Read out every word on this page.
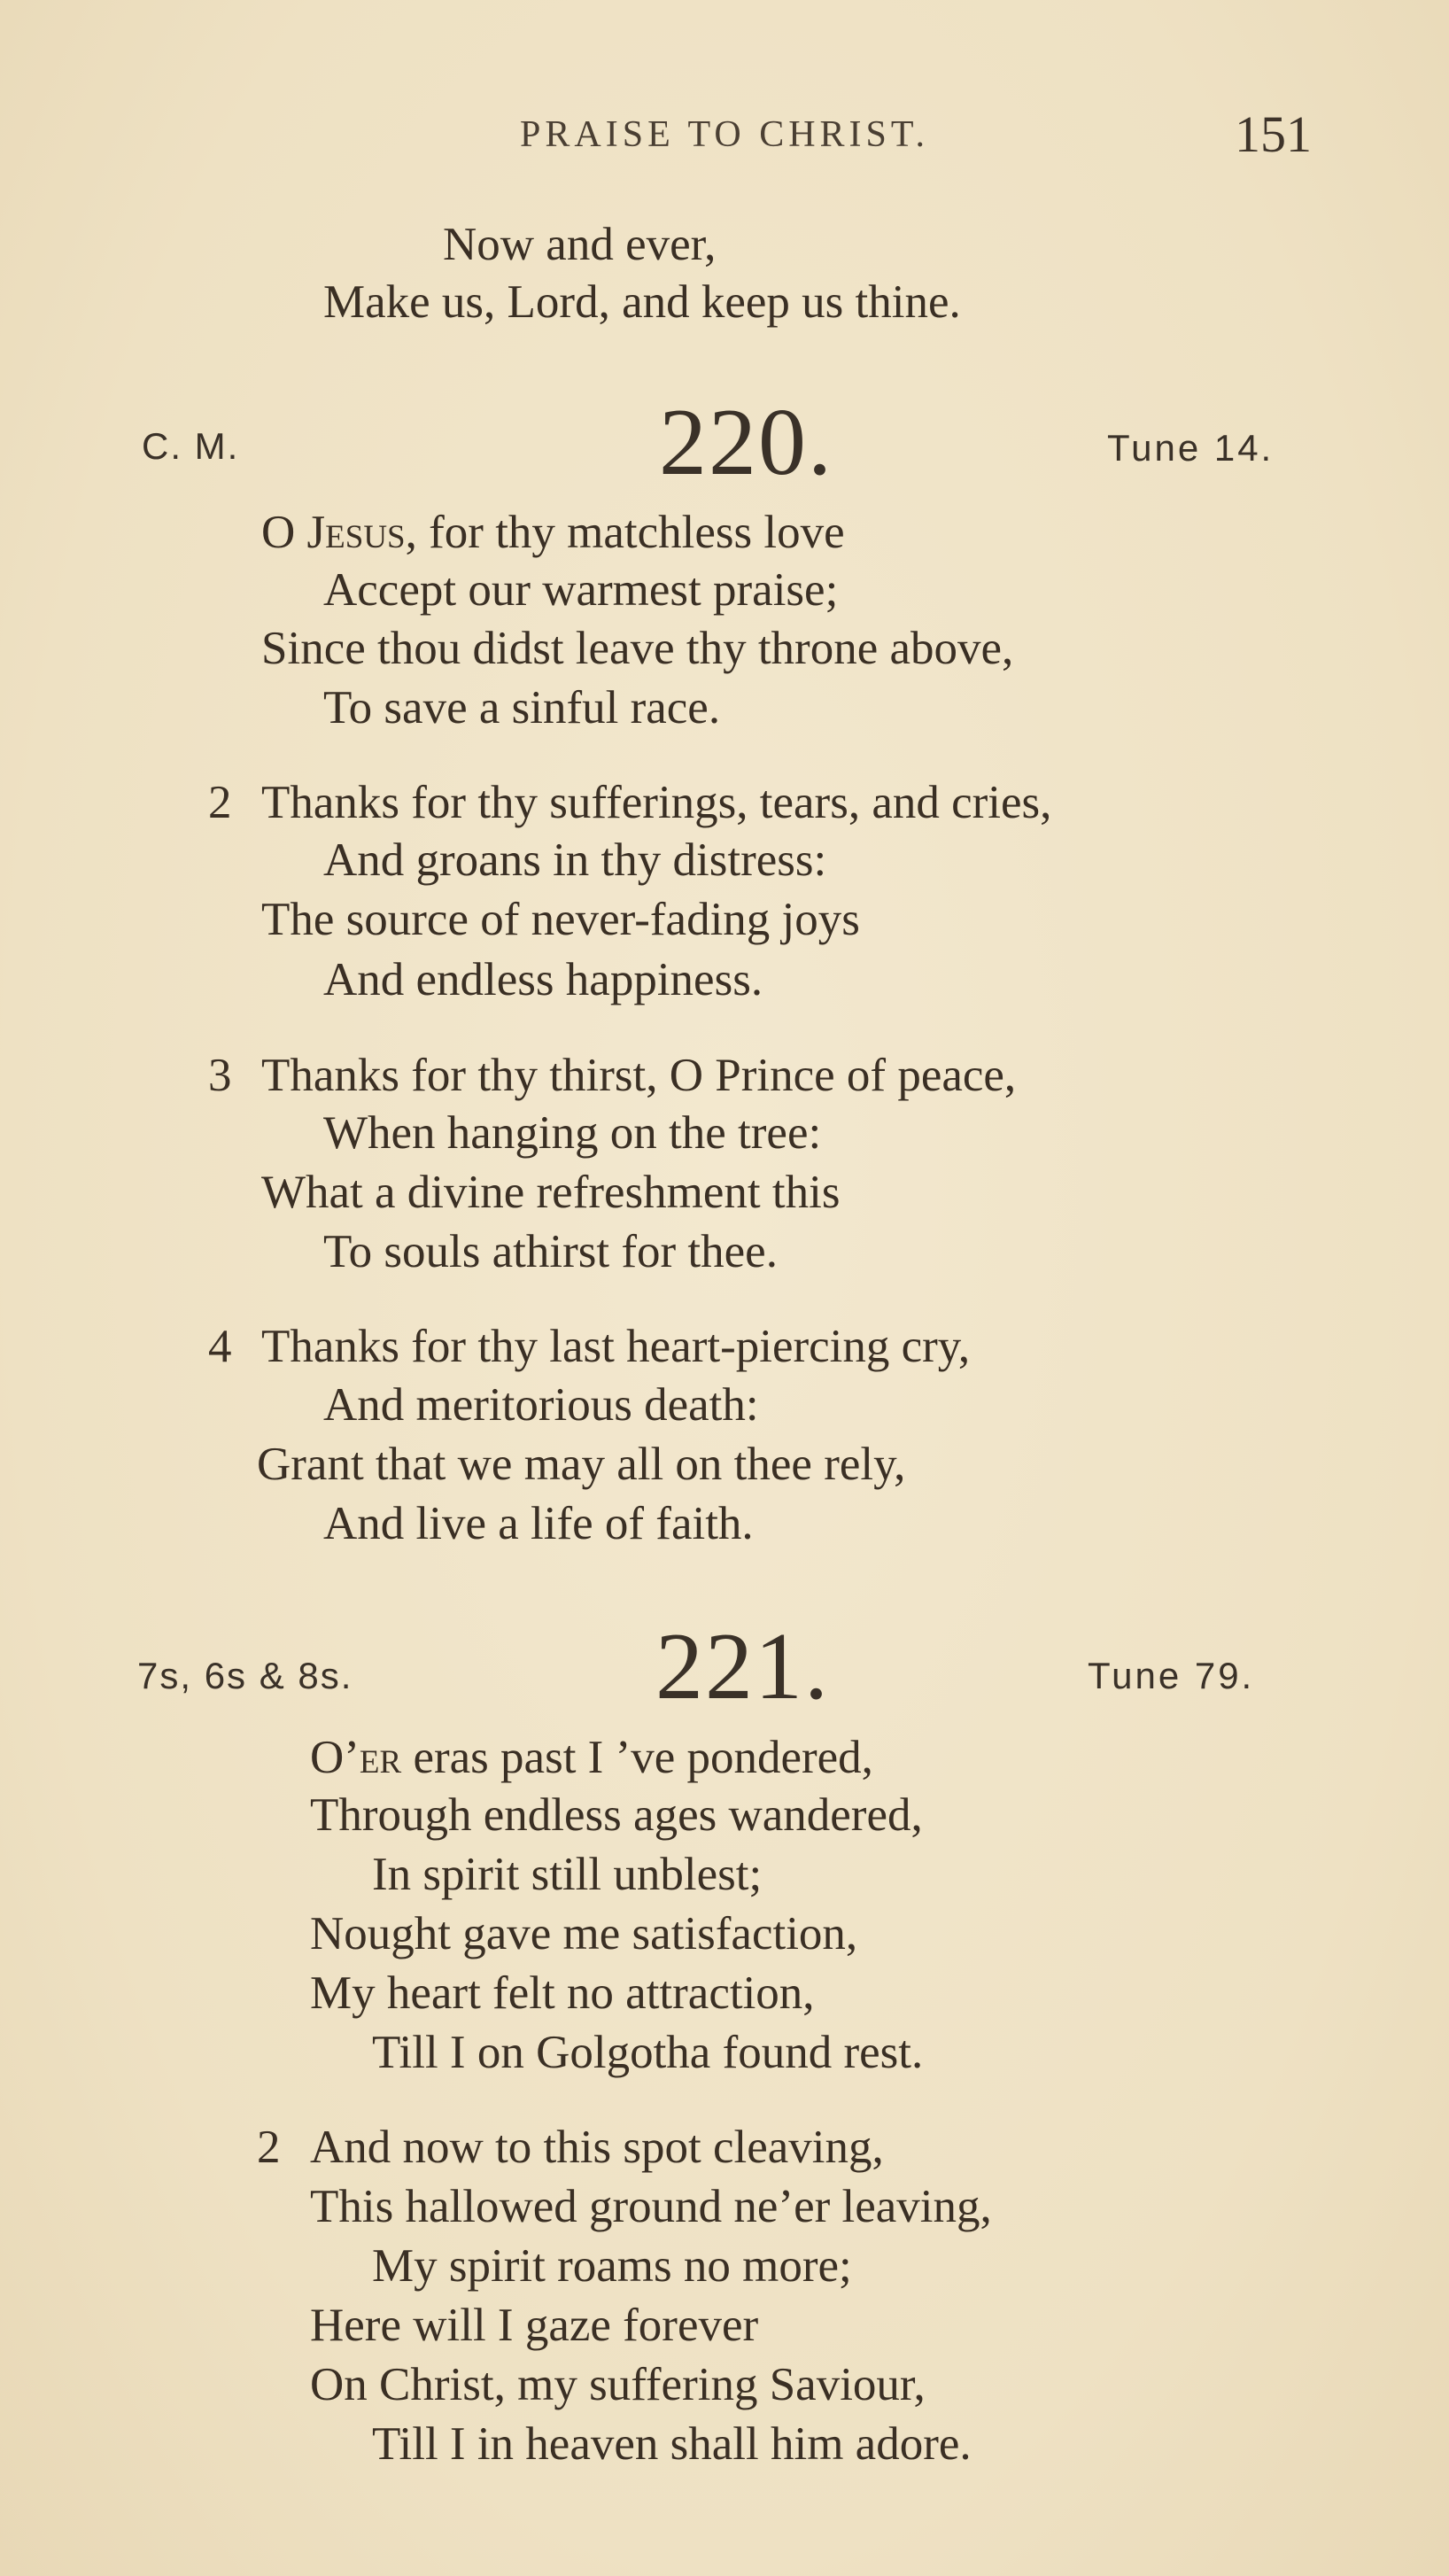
PRAISE TO CHRIST.	151
Now and ever,
Make us, Lord, and keep us thine.
C. M.	220.	Tune 14.
O Jesus, for thy matchless love
Accept our warmest praise;
Since thou didst leave thy throne above,
To save a sinful race.
2 Thanks for thy sufferings, tears, and cries,
And groans in thy distress:
The source of never-fading joys
And endless happiness.
3 Thanks for thy thirst, O Prince of peace,
When hanging on the tree:
What a divine refreshment this
To souls athirst for thee.
4 Thanks for thy last heart-piercing cry,
And meritorious death:
Grant that we may all on thee rely,
And live a life of faith.
7s, 6s & 8s.	221.	Tune 79.
O’er eras past I ’ve pondered,
Through endless ages wandered,
In spirit still unblest;
Nought gave me satisfaction,
My heart felt no attraction,
Till I on Golgotha found rest.
2 And now to this spot cleaving,
This hallowed ground ne’er leaving,
My spirit roams no more;
Here will I gaze forever
On Christ, my suffering Saviour,
Till I in heaven shall him adore.
